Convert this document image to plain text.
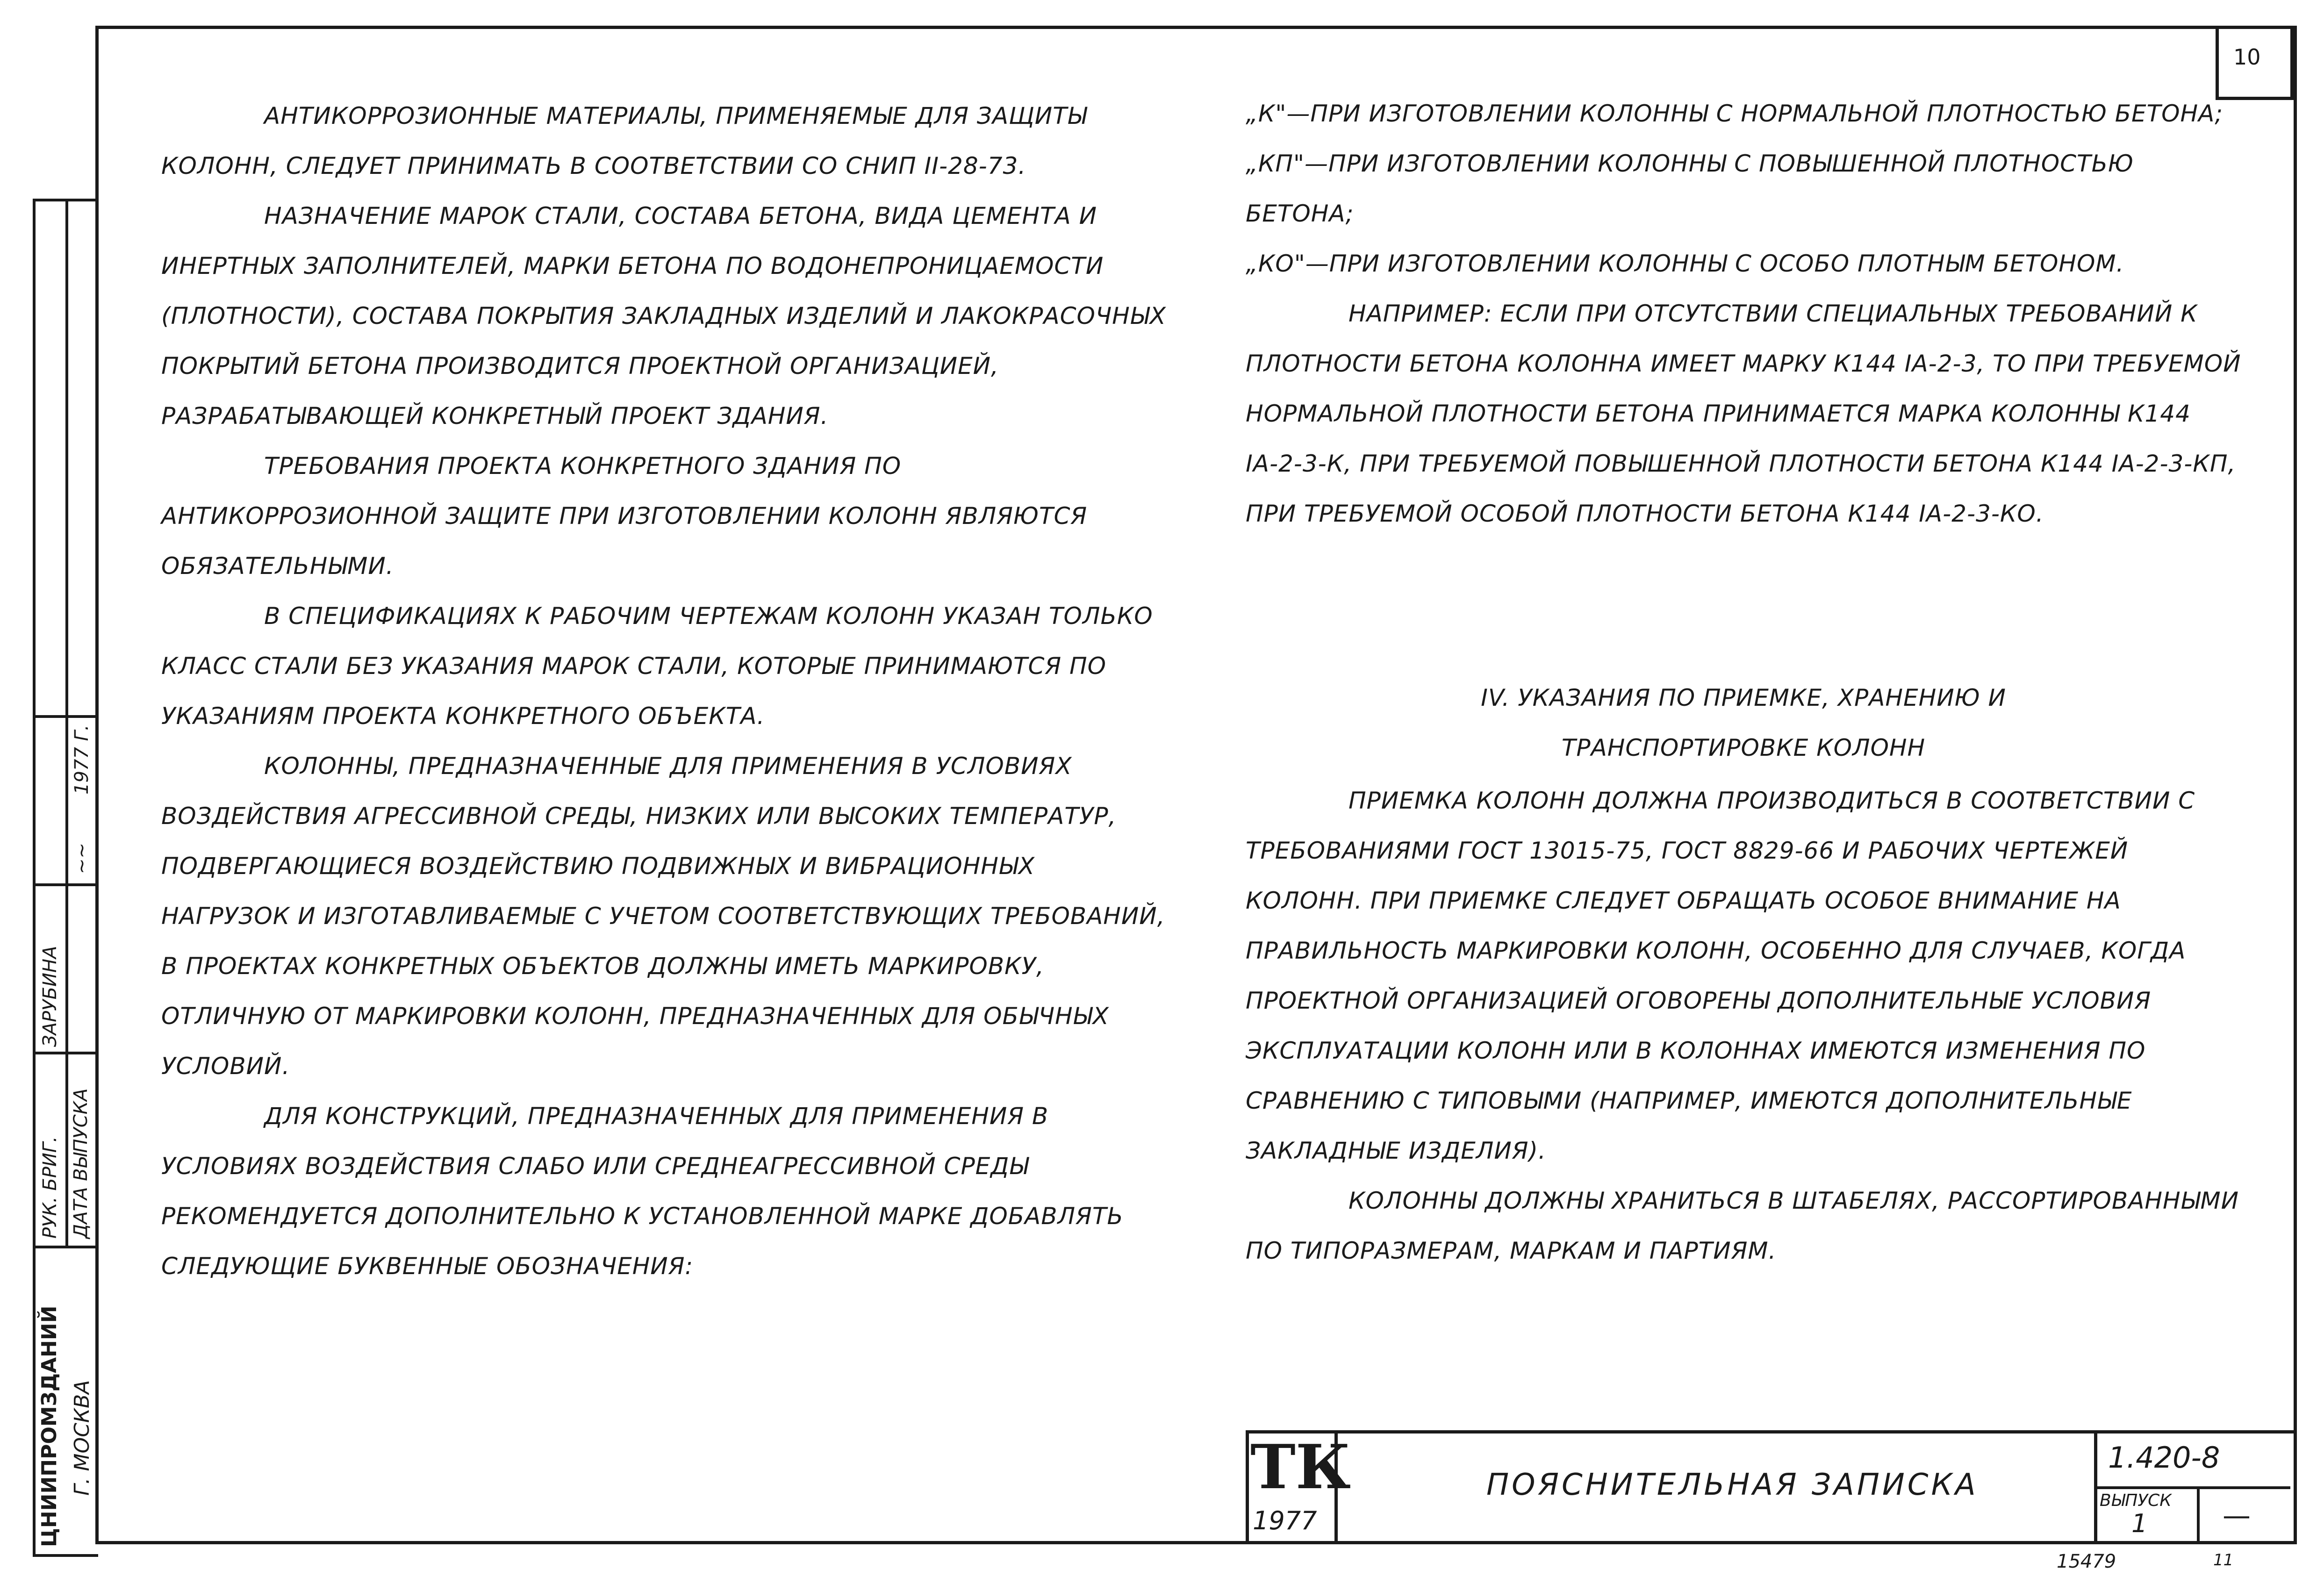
10
1977 Г.
~~
ЗАРУБИНА
РУК. БРИГ. ДАТА ВЫПУСКА
Г. МОСКВА
ЦНИИПРОМЗДАНИЙ

АНТИКОРРОЗИОННЫЕ МАТЕРИАЛЫ, ПРИМЕНЯЕМЫЕ ДЛЯ ЗАЩИТЫ КОЛОНН, СЛЕДУЕТ ПРИНИМАТЬ В СООТВЕТСТВИИ СО СНИП II-28-73.

НАЗНАЧЕНИЕ МАРОК СТАЛИ, СОСТАВА БЕТОНА, ВИДА ЦЕМЕНТА И ИНЕРТНЫХ ЗАПОЛНИТЕЛЕЙ, МАРКИ БЕТОНА ПО ВОДОНЕПРОНИЦАЕМОСТИ (ПЛОТНОСТИ), СОСТАВА ПОКРЫТИЯ ЗАКЛАДНЫХ ИЗДЕЛИЙ И ЛАКОКРАСОЧНЫХ ПОКРЫТИЙ БЕТОНА ПРОИЗВОДИТСЯ ПРОЕКТНОЙ ОРГАНИЗАЦИЕЙ, РАЗРАБАТЫВАЮЩЕЙ КОНКРЕТНЫЙ ПРОЕКТ ЗДАНИЯ.

ТРЕБОВАНИЯ ПРОЕКТА КОНКРЕТНОГО ЗДАНИЯ ПО АНТИКОРРОЗИОННОЙ ЗАЩИТЕ ПРИ ИЗГОТОВЛЕНИИ КОЛОНН ЯВЛЯЮТСЯ ОБЯЗАТЕЛЬНЫМИ.

В СПЕЦИФИКАЦИЯХ К РАБОЧИМ ЧЕРТЕЖАМ КОЛОНН УКАЗАН ТОЛЬКО КЛАСС СТАЛИ БЕЗ УКАЗАНИЯ МАРОК СТАЛИ, КОТОРЫЕ ПРИНИМАЮТСЯ ПО УКАЗАНИЯМ ПРОЕКТА КОНКРЕТНОГО ОБЪЕКТА.

КОЛОННЫ, ПРЕДНАЗНАЧЕННЫЕ ДЛЯ ПРИМЕНЕНИЯ В УСЛОВИЯХ ВОЗДЕЙСТВИЯ АГРЕССИВНОЙ СРЕДЫ, НИЗКИХ ИЛИ ВЫСОКИХ ТЕМПЕРАТУР, ПОДВЕРГАЮЩИЕСЯ ВОЗДЕЙСТВИЮ ПОДВИЖНЫХ И ВИБРАЦИОННЫХ НАГРУЗОК И ИЗГОТАВЛИВАЕМЫЕ С УЧЕТОМ СООТВЕТСТВУЮЩИХ ТРЕБОВАНИЙ, В ПРОЕКТАХ КОНКРЕТНЫХ ОБЪЕКТОВ ДОЛЖНЫ ИМЕТЬ МАРКИРОВКУ, ОТЛИЧНУЮ ОТ МАРКИРОВКИ КОЛОНН, ПРЕДНАЗНАЧЕННЫХ ДЛЯ ОБЫЧНЫХ УСЛОВИЙ.

ДЛЯ КОНСТРУКЦИЙ, ПРЕДНАЗНАЧЕННЫХ ДЛЯ ПРИМЕНЕНИЯ В УСЛОВИЯХ ВОЗДЕЙСТВИЯ СЛАБО ИЛИ СРЕДНЕАГРЕССИВНОЙ СРЕДЫ РЕКОМЕНДУЕТСЯ ДОПОЛНИТЕЛЬНО К УСТАНОВЛЕННОЙ МАРКЕ ДОБАВЛЯТЬ СЛЕДУЮЩИЕ БУКВЕННЫЕ ОБОЗНАЧЕНИЯ:

„К"—ПРИ ИЗГОТОВЛЕНИИ КОЛОННЫ С НОРМАЛЬНОЙ ПЛОТНОСТЬЮ БЕТОНА;

„КП"—ПРИ ИЗГОТОВЛЕНИИ КОЛОННЫ С ПОВЫШЕННОЙ ПЛОТНОСТЬЮ БЕТОНА;

„КО"—ПРИ ИЗГОТОВЛЕНИИ КОЛОННЫ С ОСОБО ПЛОТНЫМ БЕТОНОМ.

НАПРИМЕР: ЕСЛИ ПРИ ОТСУТСТВИИ СПЕЦИАЛЬНЫХ ТРЕБОВАНИЙ К ПЛОТНОСТИ БЕТОНА КОЛОННА ИМЕЕТ МАРКУ К144 IА-2-3, ТО ПРИ ТРЕБУЕМОЙ НОРМАЛЬНОЙ ПЛОТНОСТИ БЕТОНА ПРИНИМАЕТСЯ МАРКА КОЛОННЫ К144 IА-2-3-К, ПРИ ТРЕБУЕМОЙ ПОВЫШЕННОЙ ПЛОТНОСТИ БЕТОНА К144 IА-2-3-КП, ПРИ ТРЕБУЕМОЙ ОСОБОЙ ПЛОТНОСТИ БЕТОНА К144 IА-2-3-КО.

IV. УКАЗАНИЯ ПО ПРИЕМКЕ, ХРАНЕНИЮ И

ТРАНСПОРТИРОВКЕ КОЛОНН

ПРИЕМКА КОЛОНН ДОЛЖНА ПРОИЗВОДИТЬСЯ В СООТВЕТСТВИИ С ТРЕБОВАНИЯМИ ГОСТ 13015-75, ГОСТ 8829-66 И РАБОЧИХ ЧЕРТЕЖЕЙ КОЛОНН. ПРИ ПРИЕМКЕ СЛЕДУЕТ ОБРАЩАТЬ ОСОБОЕ ВНИМАНИЕ НА ПРАВИЛЬНОСТЬ МАРКИРОВКИ КОЛОНН, ОСОБЕННО ДЛЯ СЛУЧАЕВ, КОГДА ПРОЕКТНОЙ ОРГАНИЗАЦИЕЙ ОГОВОРЕНЫ ДОПОЛНИТЕЛЬНЫЕ УСЛОВИЯ ЭКСПЛУАТАЦИИ КОЛОНН ИЛИ В КОЛОННАХ ИМЕЮТСЯ ИЗМЕНЕНИЯ ПО СРАВНЕНИЮ С ТИПОВЫМИ (НАПРИМЕР, ИМЕЮТСЯ ДОПОЛНИТЕЛЬНЫЕ ЗАКЛАДНЫЕ ИЗДЕЛИЯ).

КОЛОННЫ ДОЛЖНЫ ХРАНИТЬСЯ В ШТАБЕЛЯХ, РАССОРТИРОВАННЫМИ ПО ТИПОРАЗМЕРАМ, МАРКАМ И ПАРТИЯМ.

ТК
1977
ПОЯСНИТЕЛЬНАЯ ЗАПИСКА
1.420-8
ВЫПУСК
1	—
15479	11
